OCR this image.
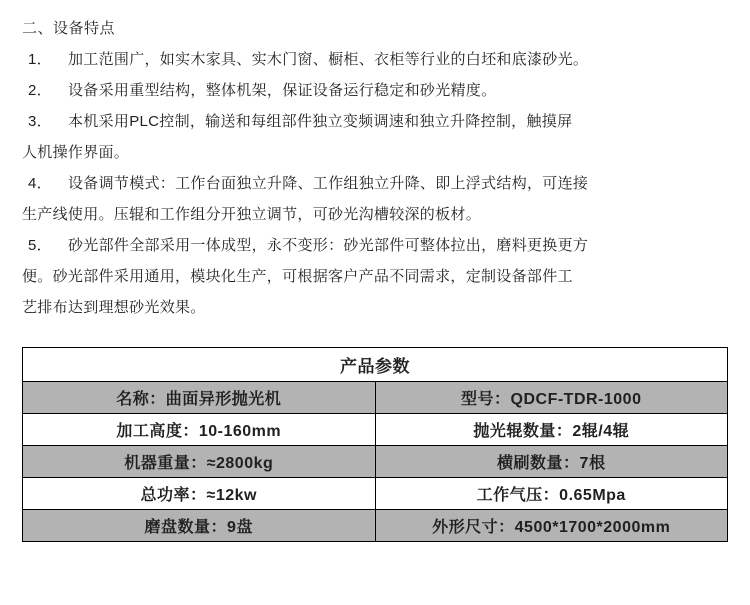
二、设备特点
1．	加工范围广，如实木家具、实木门窗、橱柜、衣柜等行业的白坯和底漆砂光。
2．	设备采用重型结构，整体机架，保证设备运行稳定和砂光精度。
3．	本机采用PLC控制，输送和每组部件独立变频调速和独立升降控制，触摸屏
人机操作界面。
4．	设备调节模式：工作台面独立升降、工作组独立升降、即上浮式结构，可连接
生产线使用。压辊和工作组分开独立调节，可砂光沟槽较深的板材。
5．	砂光部件全部采用一体成型，永不变形：砂光部件可整体拉出，磨料更换更方
便。砂光部件采用通用，模块化生产，可根据客户产品不同需求，定制设备部件工
艺排布达到理想砂光效果。
产品参数	
名称：曲面异形抛光机	型号：QDCF-TDR-1000
加工高度：10-160mm	抛光辊数量：2辊/4辊
机器重量：≈2800kg	横刷数量：7根
总功率：≈12kw	工作气压：0.65Mpa
磨盘数量：9盘	外形尺寸：4500*1700*2000mm
